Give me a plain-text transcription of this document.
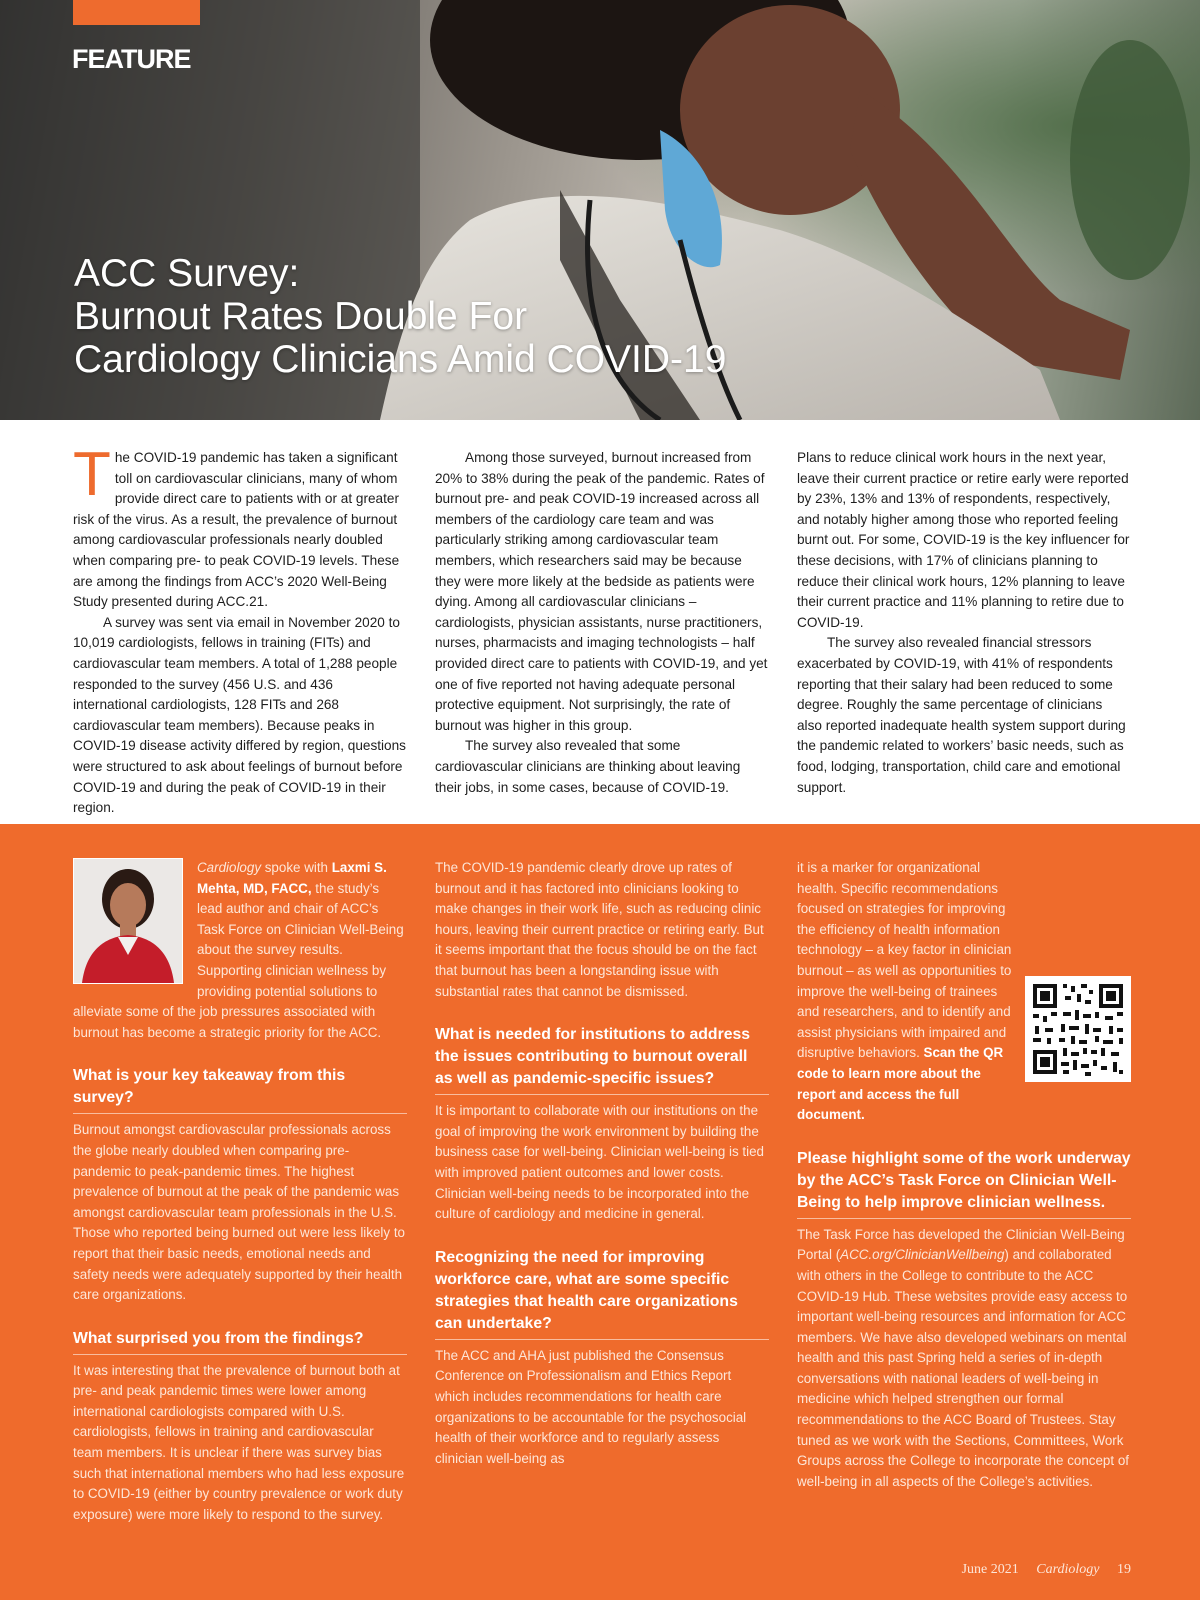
FEATURE
ACC Survey:
Burnout Rates Double For
Cardiology Clinicians Amid COVID-19

The COVID-19 pandemic has taken a significant toll on cardiovascular clinicians, many of whom provide direct care to patients with or at greater risk of the virus. As a result, the prevalence of burnout among cardiovascular professionals nearly doubled when comparing pre- to peak COVID-19 levels. These are among the findings from ACC’s 2020 Well-Being Study presented during ACC.21.

A survey was sent via email in November 2020 to 10,019 cardiologists, fellows in training (FITs) and cardiovascular team members. A total of 1,288 people responded to the survey (456 U.S. and 436 international cardiologists, 128 FITs and 268 cardiovascular team members). Because peaks in COVID-19 disease activity differed by region, questions were structured to ask about feelings of burnout before COVID-19 and during the peak of COVID-19 in their region.

Among those surveyed, burnout increased from 20% to 38% during the peak of the pandemic. Rates of burnout pre- and peak COVID-19 increased across all members of the cardiology care team and was particularly striking among cardiovascular team members, which researchers said may be because they were more likely at the bedside as patients were dying. Among all cardiovascular clinicians – cardiologists, physician assistants, nurse practitioners, nurses, pharmacists and imaging technologists – half provided direct care to patients with COVID-19, and yet one of five reported not having adequate personal protective equipment. Not surprisingly, the rate of burnout was higher in this group.

The survey also revealed that some cardiovascular clinicians are thinking about leaving their jobs, in some cases, because of COVID-19.

Plans to reduce clinical work hours in the next year, leave their current practice or retire early were reported by 23%, 13% and 13% of respondents, respectively, and notably higher among those who reported feeling burnt out. For some, COVID-19 is the key influencer for these decisions, with 17% of clinicians planning to reduce their clinical work hours, 12% planning to leave their current practice and 11% planning to retire due to COVID-19.

The survey also revealed financial stressors exacerbated by COVID-19, with 41% of respondents reporting that their salary had been reduced to some degree. Roughly the same percentage of clinicians also reported inadequate health system support during the pandemic related to workers’ basic needs, such as food, lodging, transportation, child care and emotional support.

Cardiology spoke with Laxmi S. Mehta, MD, FACC, the study’s lead author and chair of ACC’s Task Force on Clinician Well-Being about the survey results. Supporting clinician wellness by providing potential solutions to alleviate some of the job pressures associated with burnout has become a strategic priority for the ACC.

What is your key takeaway from this survey?

Burnout amongst cardiovascular professionals across the globe nearly doubled when comparing pre-pandemic to peak-pandemic times. The highest prevalence of burnout at the peak of the pandemic was amongst cardiovascular team professionals in the U.S. Those who reported being burned out were less likely to report that their basic needs, emotional needs and safety needs were adequately supported by their health care organizations.

What surprised you from the findings?

It was interesting that the prevalence of burnout both at pre- and peak pandemic times were lower among international cardiologists compared with U.S. cardiologists, fellows in training and cardiovascular team members. It is unclear if there was survey bias such that international members who had less exposure to COVID-19 (either by country prevalence or work duty exposure) were more likely to respond to the survey.

The COVID-19 pandemic clearly drove up rates of burnout and it has factored into clinicians looking to make changes in their work life, such as reducing clinic hours, leaving their current practice or retiring early. But it seems important that the focus should be on the fact that burnout has been a longstanding issue with substantial rates that cannot be dismissed.

What is needed for institutions to address the issues contributing to burnout overall as well as pandemic-specific issues?

It is important to collaborate with our institutions on the goal of improving the work environment by building the business case for well-being. Clinician well-being is tied with improved patient outcomes and lower costs. Clinician well-being needs to be incorporated into the culture of cardiology and medicine in general.

Recognizing the need for improving workforce care, what are some specific strategies that health care organizations can undertake?

The ACC and AHA just published the Consensus Conference on Professionalism and Ethics Report which includes recommendations for health care organizations to be accountable for the psychosocial health of their workforce and to regularly assess clinician well-being as

it is a marker for organizational health. Specific recommendations focused on strategies for improving the efficiency of health information technology – a key factor in clinician burnout – as well as opportunities to improve the well-being of trainees and researchers, and to identify and assist physicians with impaired and disruptive behaviors. Scan the QR code to learn more about the report and access the full document.

Please highlight some of the work underway by the ACC’s Task Force on Clinician Well-Being to help improve clinician wellness.

The Task Force has developed the Clinician Well-Being Portal (ACC.org/ClinicianWellbeing) and collaborated with others in the College to contribute to the ACC COVID-19 Hub. These websites provide easy access to important well-being resources and information for ACC members. We have also developed webinars on mental health and this past Spring held a series of in-depth conversations with national leaders of well-being in medicine which helped strengthen our formal recommendations to the ACC Board of Trustees. Stay tuned as we work with the Sections, Committees, Work Groups across the College to incorporate the concept of well-being in all aspects of the College’s activities.

June 2021 Cardiology 19
